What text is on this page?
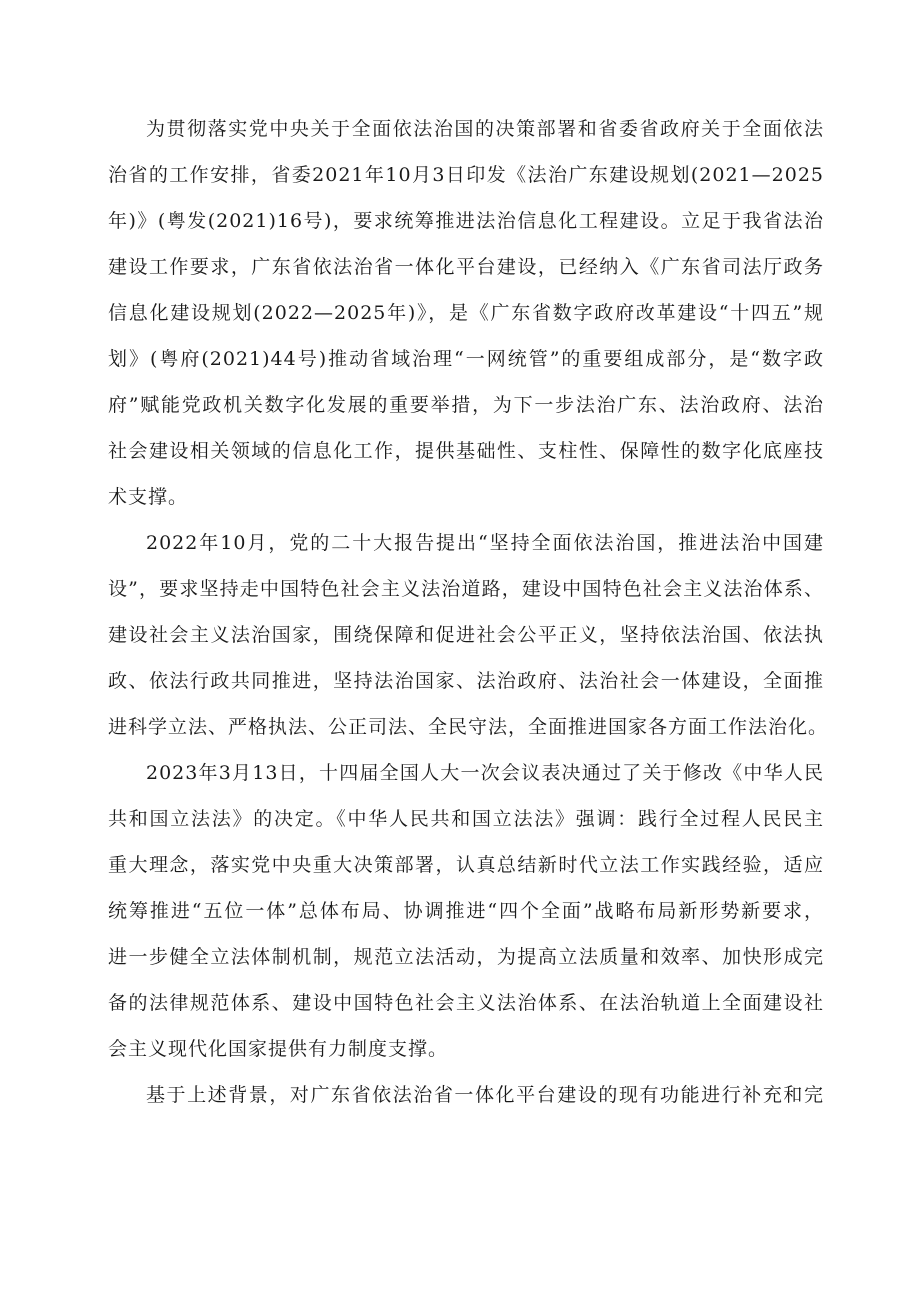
为贯彻落实党中央关于全面依法治国的决策部署和省委省政府关于全面依法
治省的工作安排，省委2021年10月3日印发《法治广东建设规划(2021—2025
年)》(粤发(2021)16号)，要求统筹推进法治信息化工程建设。立足于我省法治
建设工作要求，广东省依法治省一体化平台建设，已经纳入《广东省司法厅政务
信息化建设规划(2022—2025年)》，是《广东省数字政府改革建设“十四五”规
划》(粤府(2021)44号)推动省域治理“一网统管”的重要组成部分，是“数字政
府”赋能党政机关数字化发展的重要举措，为下一步法治广东、法治政府、法治
社会建设相关领域的信息化工作，提供基础性、支柱性、保障性的数字化底座技
术支撑。
2022年10月，党的二十大报告提出“坚持全面依法治国，推进法治中国建
设”，要求坚持走中国特色社会主义法治道路，建设中国特色社会主义法治体系、
建设社会主义法治国家，围绕保障和促进社会公平正义，坚持依法治国、依法执
政、依法行政共同推进，坚持法治国家、法治政府、法治社会一体建设，全面推
进科学立法、严格执法、公正司法、全民守法，全面推进国家各方面工作法治化。
2023年3月13日，十四届全国人大一次会议表决通过了关于修改《中华人民
共和国立法法》的决定。《中华人民共和国立法法》强调：践行全过程人民民主
重大理念，落实党中央重大决策部署，认真总结新时代立法工作实践经验，适应
统筹推进“五位一体”总体布局、协调推进“四个全面”战略布局新形势新要求，
进一步健全立法体制机制，规范立法活动，为提高立法质量和效率、加快形成完
备的法律规范体系、建设中国特色社会主义法治体系、在法治轨道上全面建设社
会主义现代化国家提供有力制度支撑。
基于上述背景，对广东省依法治省一体化平台建设的现有功能进行补充和完
